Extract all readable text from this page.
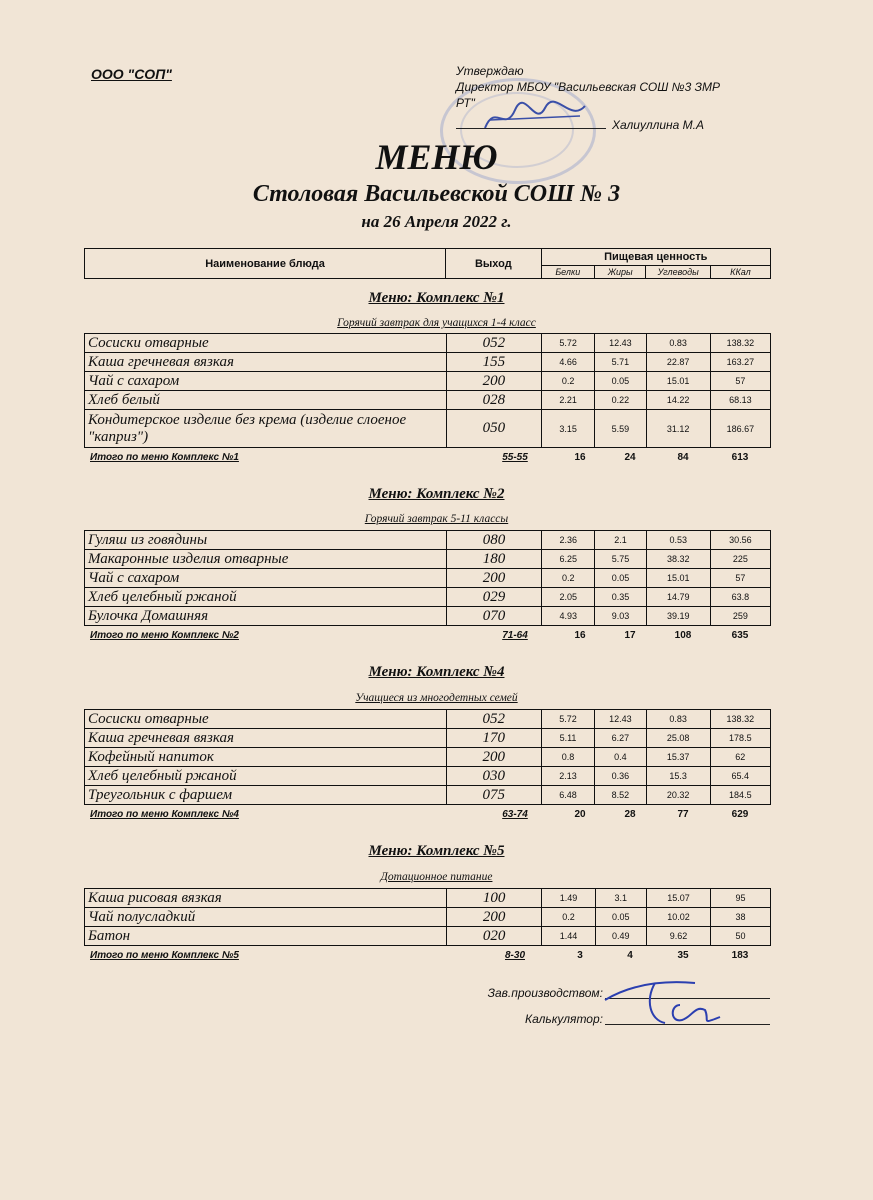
ООО "СОП"	Утверждаю
Директор МБОУ "Васильевская СОШ №3 ЗМР
РТ"
Халиуллина М.А
МЕНЮ
Столовая Васильевской СОШ № 3
на 26 Апреля 2022 г.
Наименование блюда	Выход	Пищевая ценность			
		Белки	Жиры	Углеводы	ККал
Меню: Комплекс №1
Горячий завтрак для учащихся 1-4 класс
Сосиски отварные	052	5.72	12.43	0.83	138.32
Каша гречневая вязкая	155	4.66	5.71	22.87	163.27
Чай с сахаром	200	0.2	0.05	15.01	57
Хлеб белый	028	2.21	0.22	14.22	68.13
Кондитерское изделие без крема (изделие слоеное "каприз")	050	3.15	5.59	31.12	186.67
Итого по меню Комплекс №1	55-55	16	24	84	613
Меню: Комплекс №2
Горячий завтрак 5-11 классы
Гуляш из говядины	080	2.36	2.1	0.53	30.56
Макаронные изделия отварные	180	6.25	5.75	38.32	225
Чай с сахаром	200	0.2	0.05	15.01	57
Хлеб целебный ржаной	029	2.05	0.35	14.79	63.8
Булочка Домашняя	070	4.93	9.03	39.19	259
Итого по меню Комплекс №2	71-64	16	17	108	635
Меню: Комплекс №4
Учащиеся из многодетных семей
Сосиски отварные	052	5.72	12.43	0.83	138.32
Каша гречневая вязкая	170	5.11	6.27	25.08	178.5
Кофейный напиток	200	0.8	0.4	15.37	62
Хлеб целебный ржаной	030	2.13	0.36	15.3	65.4
Треугольник с фаршем	075	6.48	8.52	20.32	184.5
Итого по меню Комплекс №4	63-74	20	28	77	629
Меню: Комплекс №5
Дотационное питание
Каша рисовая вязкая	100	1.49	3.1	15.07	95
Чай полусладкий	200	0.2	0.05	10.02	38
Батон	020	1.44	0.49	9.62	50
Итого по меню Комплекс №5	8-30	3	4	35	183
Зав.производством:
Калькулятор:
